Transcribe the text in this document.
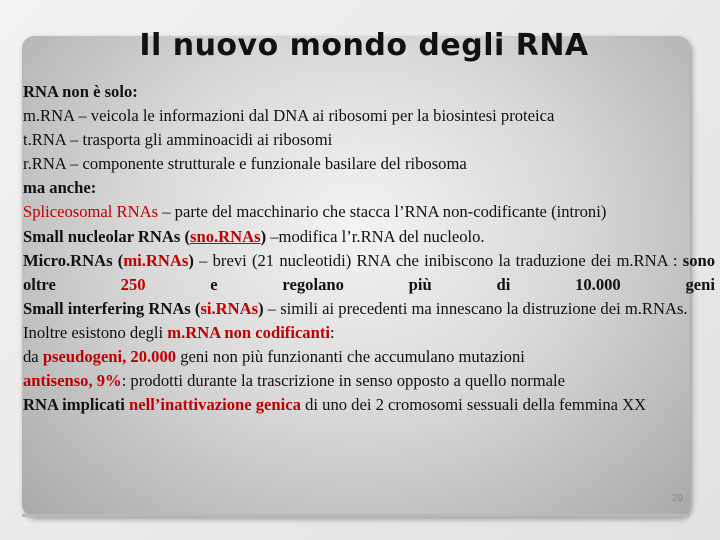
Il nuovo mondo degli RNA

RNA non è solo:

m.RNA – veicola le informazioni dal DNA ai ribosomi per la biosintesi proteica

t.RNA – trasporta gli amminoacidi ai ribosomi

r.RNA – componente strutturale e funzionale basilare del ribosoma

ma anche:

Spliceosomal RNAs – parte del macchinario che stacca l’RNA non-codificante (introni)

Small nucleolar RNAs (sno.RNAs) –modifica l’r.RNA del nucleolo.

Micro.RNAs (mi.RNAs) – brevi (21 nucleotidi) RNA che inibiscono la traduzione dei m.RNA : sono oltre 250 e regolano più di 10.000 geni

Small interfering RNAs (si.RNAs) – simili ai precedenti ma innescano la distruzione dei m.RNAs.

Inoltre esistono degli m.RNA non codificanti:

da pseudogeni, 20.000 geni non più funzionanti che accumulano mutazioni

antisenso, 9%: prodotti durante la trascrizione in senso opposto a quello normale

RNA implicati nell’inattivazione genica di uno dei 2 cromosomi sessuali della femmina XX

29
